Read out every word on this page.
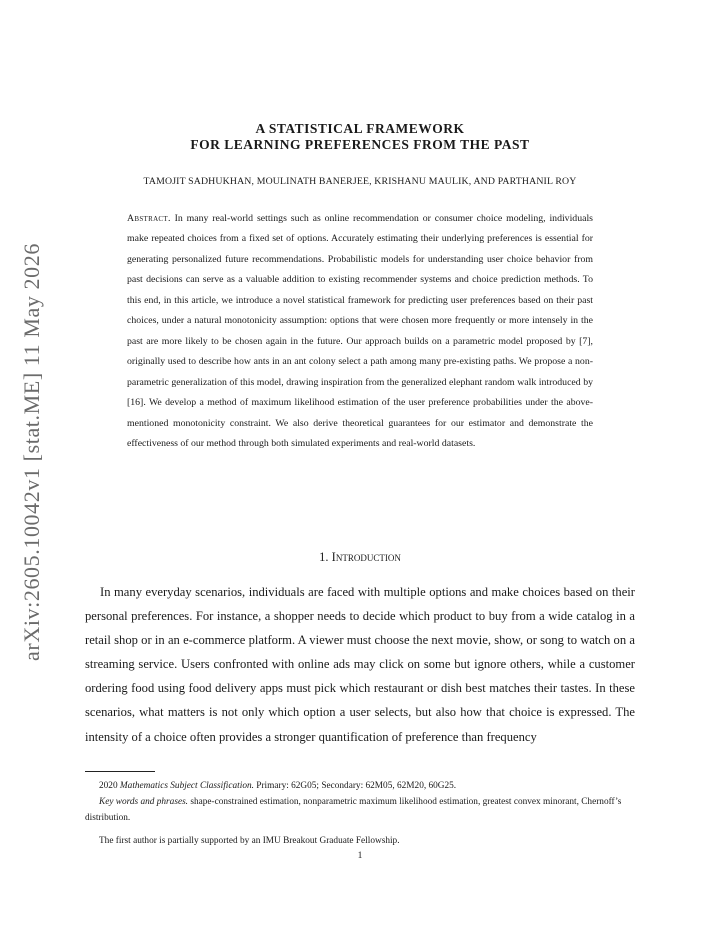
arXiv:2605.10042v1 [stat.ME] 11 May 2026
A STATISTICAL FRAMEWORK
FOR LEARNING PREFERENCES FROM THE PAST
TAMOJIT SADHUKHAN, MOULINATH BANERJEE, KRISHANU MAULIK, AND PARTHANIL ROY
Abstract. In many real-world settings such as online recommendation or consumer choice modeling, individuals make repeated choices from a fixed set of options. Accurately estimating their underlying preferences is essential for generating personalized future recommendations. Probabilistic models for understanding user choice behavior from past decisions can serve as a valuable addition to existing recommender systems and choice prediction methods. To this end, in this article, we introduce a novel statistical framework for predicting user preferences based on their past choices, under a natural monotonicity assumption: options that were chosen more frequently or more intensely in the past are more likely to be chosen again in the future. Our approach builds on a parametric model proposed by [7], originally used to describe how ants in an ant colony select a path among many pre-existing paths. We propose a non-parametric generalization of this model, drawing inspiration from the generalized elephant random walk introduced by [16]. We develop a method of maximum likelihood estimation of the user preference probabilities under the above-mentioned monotonicity constraint. We also derive theoretical guarantees for our estimator and demonstrate the effectiveness of our method through both simulated experiments and real-world datasets.
1. Introduction

In many everyday scenarios, individuals are faced with multiple options and make choices based on their personal preferences. For instance, a shopper needs to decide which product to buy from a wide catalog in a retail shop or in an e-commerce platform. A viewer must choose the next movie, show, or song to watch on a streaming service. Users confronted with online ads may click on some but ignore others, while a customer ordering food using food delivery apps must pick which restaurant or dish best matches their tastes. In these scenarios, what matters is not only which option a user selects, but also how that choice is expressed. The intensity of a choice often provides a stronger quantification of preference than frequency

2020 Mathematics Subject Classification. Primary: 62G05; Secondary: 62M05, 62M20, 60G25.
Key words and phrases. shape-constrained estimation, nonparametric maximum likelihood estimation, greatest convex minorant, Chernoff’s distribution.
The first author is partially supported by an IMU Breakout Graduate Fellowship.
1
